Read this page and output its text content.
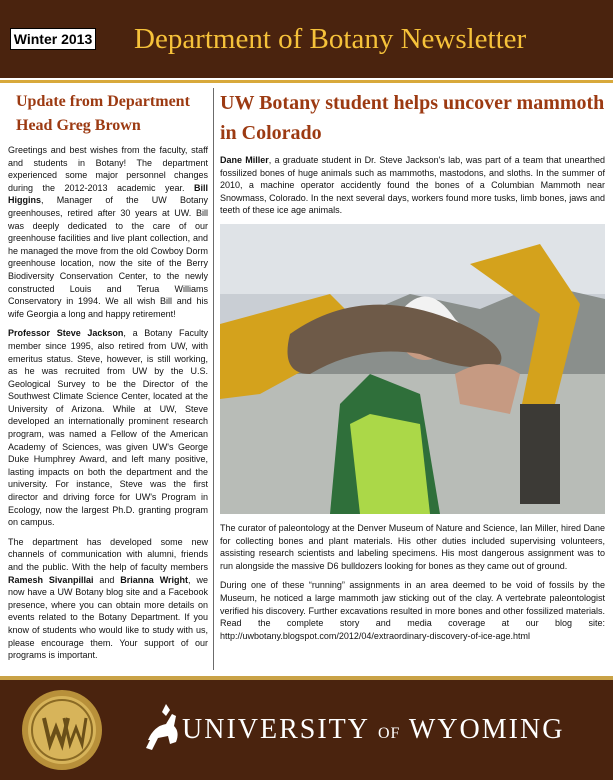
Winter 2013 Department of Botany Newsletter
Update from Department Head Greg Brown

Greetings and best wishes from the faculty, staff and students in Botany! The department experienced some major personnel changes during the 2012-2013 academic year. Bill Higgins, Manager of the UW Botany greenhouses, retired after 30 years at UW. Bill was deeply dedicated to the care of our greenhouse facilities and live plant collection, and he managed the move from the old Cowboy Dorm greenhouse location, now the site of the Berry Biodiversity Conservation Center, to the newly constructed Louis and Terua Williams Conservatory in 1994. We all wish Bill and his wife Georgia a long and happy retirement!

Professor Steve Jackson, a Botany Faculty member since 1995, also retired from UW, with emeritus status. Steve, however, is still working, as he was recruited from UW by the U.S. Geological Survey to be the Director of the Southwest Climate Science Center, located at the University of Arizona. While at UW, Steve developed an internationally prominent research program, was named a Fellow of the American Academy of Sciences, was given UW's George Duke Humphrey Award, and left many positive, lasting impacts on both the department and the university. For instance, Steve was the first director and driving force for UW's Program in Ecology, now the largest Ph.D. granting program on campus.

The department has developed some new channels of communication with alumni, friends and the public. With the help of faculty members Ramesh Sivanpillai and Brianna Wright, we now have a UW Botany blog site and a Facebook presence, where you can obtain more details on events related to the Botany Department. If you know of students who would like to study with us, please encourage them. Your support of our programs is important.

UW Botany student helps uncover mammoth in Colorado

Dane Miller, a graduate student in Dr. Steve Jackson's lab, was part of a team that unearthed fossilized bones of huge animals such as mammoths, mastodons, and sloths. In the summer of 2010, a machine operator accidently found the bones of a Columbian Mammoth near Snowmass, Colorado. In the next several days, workers found more tusks, limb bones, jaws and teeth of these ice age animals.

The curator of paleontology at the Denver Museum of Nature and Science, Ian Miller, hired Dane for collecting bones and plant materials. His other duties included supervising volunteers, assisting research scientists and labeling specimens. His most dangerous assignment was to run alongside the massive D6 bulldozers looking for bones as they came out of ground.

During one of these “running” assignments in an area deemed to be void of fossils by the Museum, he noticed a large mammoth jaw sticking out of the clay. A vertebrate paleontologist verified his discovery. Further excavations resulted in more bones and other fossilized materials. Read the complete story and media coverage at our blog site: http://uwbotany.blogspot.com/2012/04/extraordinary-discovery-of-ice-age.html

UNIVERSITY OF WYOMING
